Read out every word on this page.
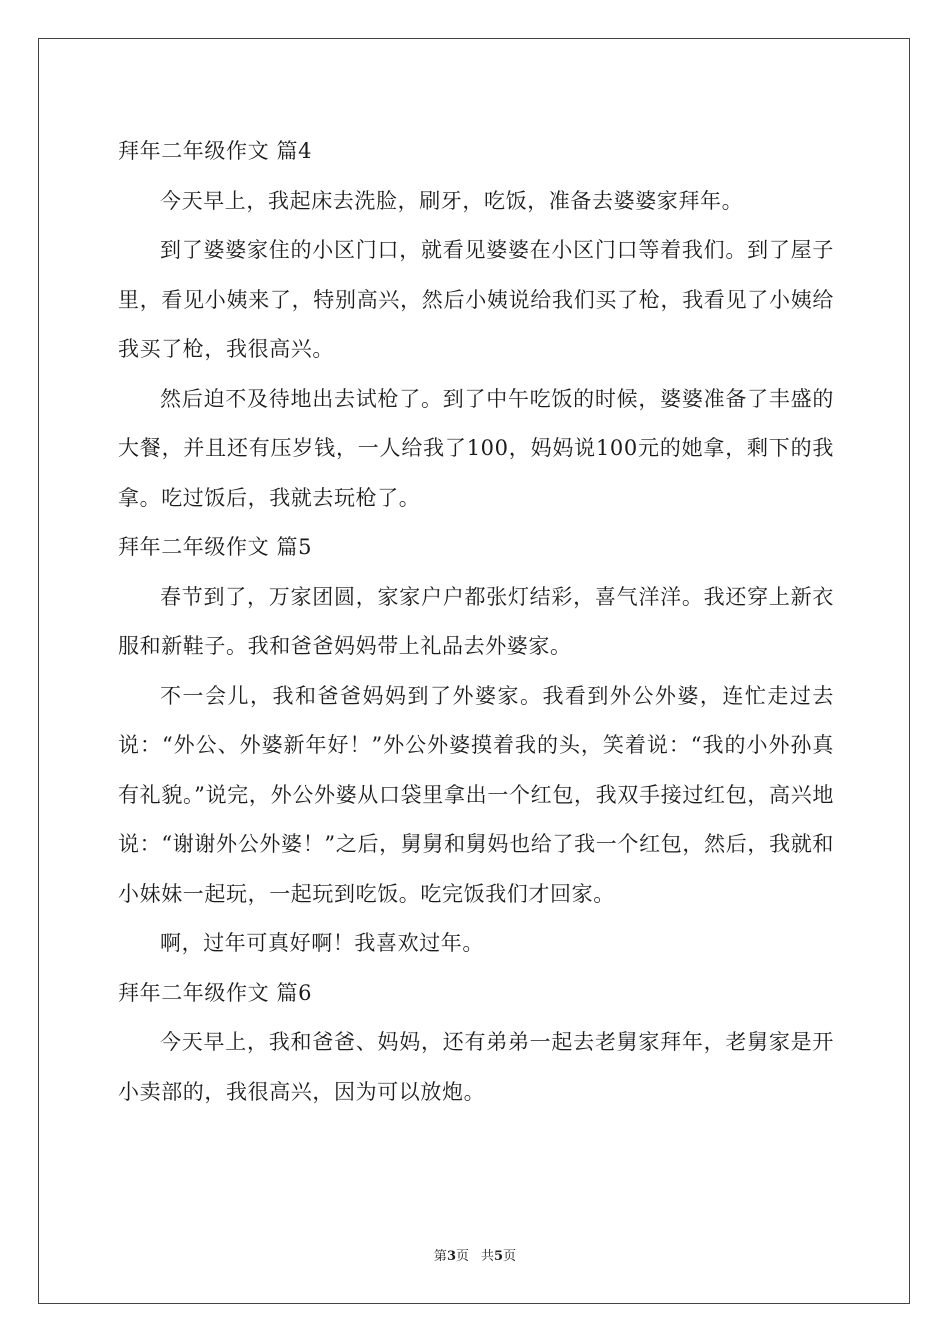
拜年二年级作文 篇4

今天早上，我起床去洗脸，刷牙，吃饭，准备去婆婆家拜年。

到了婆婆家住的小区门口，就看见婆婆在小区门口等着我们。到了屋子里，看见小姨来了，特别高兴，然后小姨说给我们买了枪，我看见了小姨给我买了枪，我很高兴。

然后迫不及待地出去试枪了。到了中午吃饭的时候，婆婆准备了丰盛的大餐，并且还有压岁钱，一人给我了100，妈妈说100元的她拿，剩下的我拿。吃过饭后，我就去玩枪了。

拜年二年级作文 篇5

春节到了，万家团圆，家家户户都张灯结彩，喜气洋洋。我还穿上新衣服和新鞋子。我和爸爸妈妈带上礼品去外婆家。

不一会儿，我和爸爸妈妈到了外婆家。我看到外公外婆，连忙走过去说：“外公、外婆新年好！”外公外婆摸着我的头，笑着说：“我的小外孙真有礼貌。”说完，外公外婆从口袋里拿出一个红包，我双手接过红包，高兴地说：“谢谢外公外婆！”之后，舅舅和舅妈也给了我一个红包，然后，我就和小妹妹一起玩，一起玩到吃饭。吃完饭我们才回家。

啊，过年可真好啊！我喜欢过年。

拜年二年级作文 篇6

今天早上，我和爸爸、妈妈，还有弟弟一起去老舅家拜年，老舅家是开小卖部的，我很高兴，因为可以放炮。

第3页 共5页
